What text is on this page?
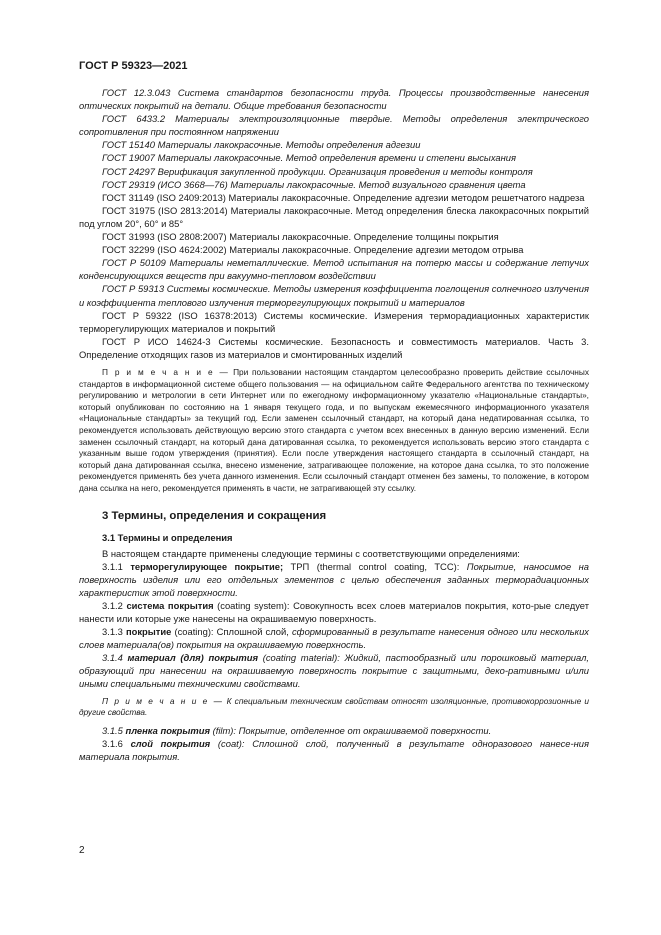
ГОСТ Р 59323—2021

ГОСТ 12.3.043 Система стандартов безопасности труда. Процессы производственные нанесения оптических покрытий на детали. Общие требования безопасности

ГОСТ 6433.2 Материалы электроизоляционные твердые. Методы определения электрического сопротивления при постоянном напряжении

ГОСТ 15140 Материалы лакокрасочные. Методы определения адгезии

ГОСТ 19007 Материалы лакокрасочные. Метод определения времени и степени высыхания

ГОСТ 24297 Верификация закупленной продукции. Организация проведения и методы контроля

ГОСТ 29319 (ИСО 3668—76) Материалы лакокрасочные. Метод визуального сравнения цвета

ГОСТ 31149 (ISO 2409:2013) Материалы лакокрасочные. Определение адгезии методом решетчатого надреза

ГОСТ 31975 (ISO 2813:2014) Материалы лакокрасочные. Метод определения блеска лакокрасочных покрытий под углом 20°, 60° и 85°

ГОСТ 31993 (ISO 2808:2007) Материалы лакокрасочные. Определение толщины покрытия

ГОСТ 32299 (ISO 4624:2002) Материалы лакокрасочные. Определение адгезии методом отрыва

ГОСТ Р 50109 Материалы неметаллические. Метод испытания на потерю массы и содержание летучих конденсирующихся веществ при вакуумно-тепловом воздействии

ГОСТ Р 59313 Системы космические. Методы измерения коэффициента поглощения солнечного излучения и коэффициента теплового излучения терморегулирующих покрытий и материалов

ГОСТ Р 59322 (ISO 16378:2013) Системы космические. Измерения терморадиационных характеристик терморегулирующих материалов и покрытий

ГОСТ Р ИСО 14624-3 Системы космические. Безопасность и совместимость материалов. Часть 3. Определение отходящих газов из материалов и смонтированных изделий

П р и м е ч а н и е — При пользовании настоящим стандартом целесообразно проверить действие ссылочных стандартов в информационной системе общего пользования — на официальном сайте Федерального агентства по техническому регулированию и метрологии в сети Интернет или по ежегодному информационному указателю «Национальные стандарты», который опубликован по состоянию на 1 января текущего года, и по выпускам ежемесячного информационного указателя «Национальные стандарты» за текущий год. Если заменен ссылочный стандарт, на который дана недатированная ссылка, то рекомендуется использовать действующую версию этого стандарта с учетом всех внесенных в данную версию изменений. Если заменен ссылочный стандарт, на который дана датированная ссылка, то рекомендуется использовать версию этого стандарта с указанным выше годом утверждения (принятия). Если после утверждения настоящего стандарта в ссылочный стандарт, на который дана датированная ссылка, внесено изменение, затрагивающее положение, на которое дана ссылка, то это положение рекомендуется применять без учета данного изменения. Если ссылочный стандарт отменен без замены, то положение, в котором дана ссылка на него, рекомендуется применять в части, не затрагивающей эту ссылку.

3 Термины, определения и сокращения
3.1 Термины и определения

В настоящем стандарте применены следующие термины с соответствующими определениями:

3.1.1 терморегулирующее покрытие; ТРП (thermal control coating, TCC): Покрытие, наносимое на поверхность изделия или его отдельных элементов с целью обеспечения заданных терморадиационных характеристик этой поверхности.

3.1.2 система покрытия (coating system): Совокупность всех слоев материалов покрытия, кото-рые следует нанести или которые уже нанесены на окрашиваемую поверхность.

3.1.3 покрытие (coating): Сплошной слой, сформированный в результате нанесения одного или нескольких слоев материала(ов) покрытия на окрашиваемую поверхность.

3.1.4 материал (для) покрытия (coating material): Жидкий, пастообразный или порошковый материал, образующий при нанесении на окрашиваемую поверхность покрытие с защитными, деко-ративными и/или иными специальными техническими свойствами.

П р и м е ч а н и е — К специальным техническим свойствам относят изоляционные, противокоррозионные и другие свойства.

3.1.5 пленка покрытия (film): Покрытие, отделенное от окрашиваемой поверхности.

3.1.6 слой покрытия (coat): Сплошной слой, полученный в результате одноразового нанесе-ния материала покрытия.

2
